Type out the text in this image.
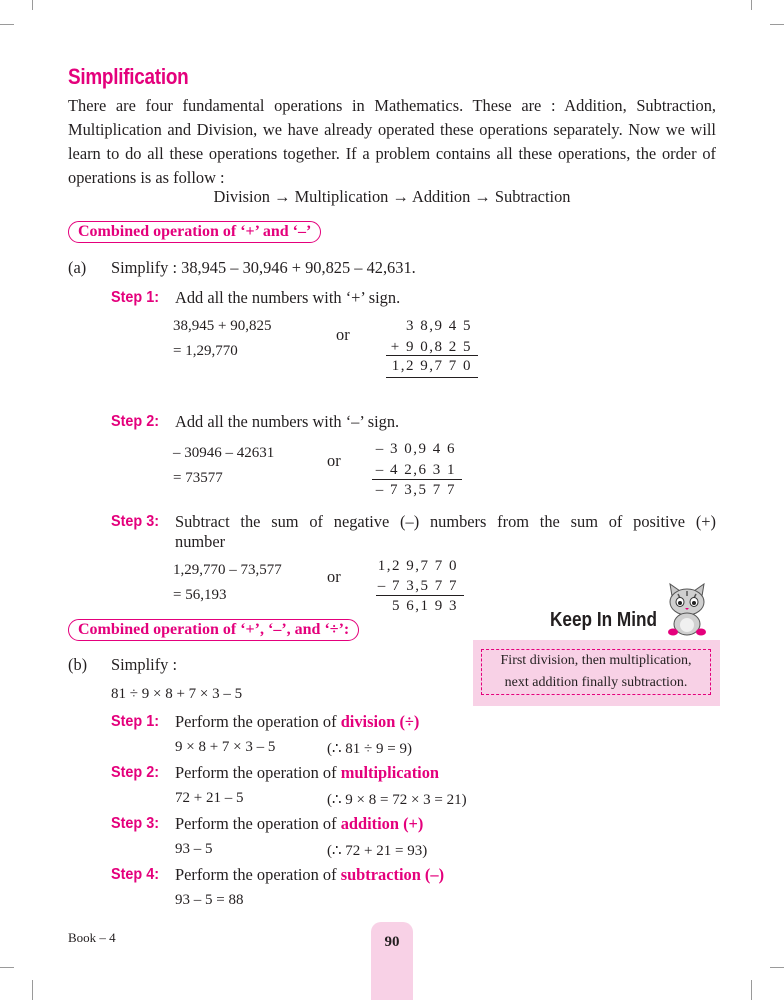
Simplification

There are four fundamental operations in Mathematics. These are : Addition, Subtraction, Multiplication and Division, we have already operated these operations separately. Now we will learn to do all these operations together. If a problem contains all these operations, the order of operations is as follow :

Division → Multiplication → Addition → Subtraction
Combined operation of ‘+’ and ‘–’
(a) Simplify : 38,945 – 30,946 + 90,825 – 42,631.
Step 1: Add all the numbers with ‘+’ sign.
38,945 + 90,825
= 1,29,770
or	3 8,9 4 5
+ 9 0,8 2 5
1,2 9,7 7 0
Step 2: Add all the numbers with ‘–’ sign.
– 30946 – 42631
= 73577
or
– 3 0,9 4 6
– 4 2,6 3 1
– 7 3,5 7 7
Step 3: Subtract the sum of negative (–) numbers from the sum of positive (+)
number
1,29,770 – 73,577
= 56,193
or
1,2 9,7 7 0
– 7 3,5 7 7
5 6,1 9 3
Keep In Mind
First division, then multiplication,
next addition finally subtraction.
Combined operation of ‘+’, ‘–’, and ‘÷’:
(b) Simplify :
81 ÷ 9 × 8 + 7 × 3 – 5
Step 1: Perform the operation of division (÷)
9 × 8 + 7 × 3 – 5	(∴ 81 ÷ 9 = 9)
Step 2: Perform the operation of multiplication
72 + 21 – 5	(∴ 9 × 8 = 72 × 3 = 21)
Step 3: Perform the operation of addition (+)
93 – 5	(∴ 72 + 21 = 93)
Step 4: Perform the operation of subtraction (–)
93 – 5 = 88
Book – 4	90
